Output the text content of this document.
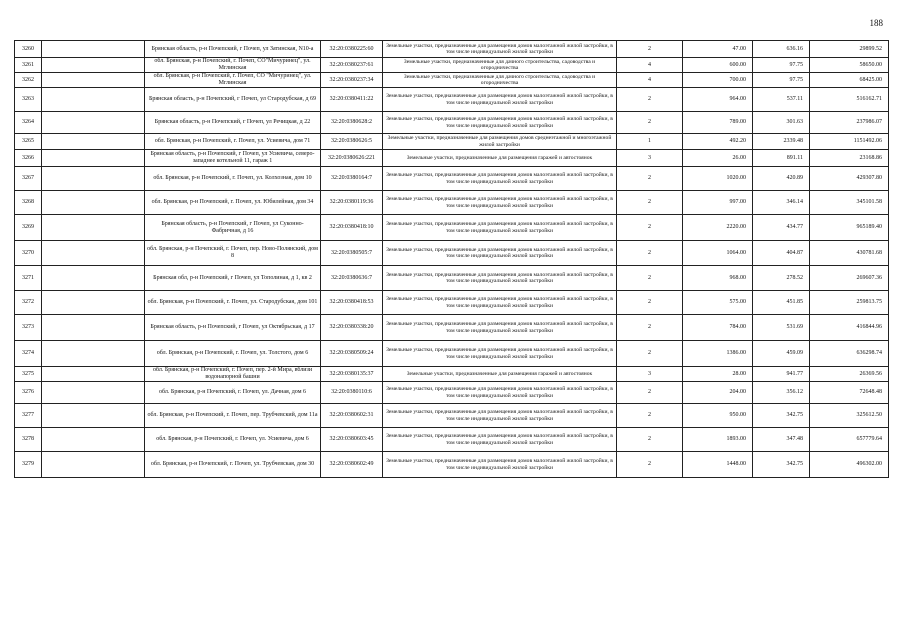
188
3260		Брянская область, р-н Почепский, г Почеп, ул Затинская, N10-а	32:20:0380225:60	Земельные участки, предназначенные для размещения домов малоэтажной жилой застройки, в том числе индивидуальной жилой застройки	2	47.00	636.16	29899.52
3261		обл. Брянская, р-н Почепский, г. Почеп, СО"Мичуринец", ул. Мглинская	32:20:0380237:61	Земельные участки, предназначенные для дачного строительства, садоводства и огородничества	4	600.00	97.75	58650.00
3262		обл. Брянская, р-н Почепский, г. Почеп, СО "Мичуринец", ул. Мглинская	32:20:0380237:34	Земельные участки, предназначенные для дачного строительства, садоводства и огородничества	4	700.00	97.75	68425.00
3263		Брянская область, р-н Почепский, г Почеп, ул Стародубская, д 69	32:20:0380411:22	Земельные участки, предназначенные для размещения домов малоэтажной жилой застройки, в том числе индивидуальной жилой застройки	2	964.00	537.11	516162.71
3264		Брянская область, р-н Почепский, г Почеп, ул Речицкая, д 22	32:20:0380628:2	Земельные участки, предназначенные для размещения домов малоэтажной жилой застройки, в том числе индивидуальной жилой застройки	2	789.00	301.63	237986.07
3265		обл. Брянская, р-н Почепский, г. Почеп, ул. Усиевича, дом 71	32:20:0380626:5	Земельные участки, предназначенные для размещения домов среднеэтажной и многоэтажной жилой застройки	1	492.20	2339.48	1151492.06
3266		Брянская область, р-н Почепский, г Почеп, ул Усиевича, северо-западнее котельной 11, гараж 1	32:20:0380626:221	Земельные участки, предназначенные для размещения гаражей и автостоянок	3	26.00	891.11	23168.86
3267		обл. Брянская, р-н Почепский, г. Почеп, ул. Колхозная, дом 10	32:20:0380164:7	Земельные участки, предназначенные для размещения домов малоэтажной жилой застройки, в том числе индивидуальной жилой застройки	2	1020.00	420.89	429307.80
3268		обл. Брянская, р-н Почепский, г. Почеп, ул. Юбилейная, дом 34	32:20:0380119:36	Земельные участки, предназначенные для размещения домов малоэтажной жилой застройки, в том числе индивидуальной жилой застройки	2	997.00	346.14	345101.58
3269		Брянская область, р-н Почепский, г Почеп, ул Суконно-Фабричная, д 16	32:20:0380418:10	Земельные участки, предназначенные для размещения домов малоэтажной жилой застройки, в том числе индивидуальной жилой застройки	2	2220.00	434.77	965189.40
3270		обл. Брянская, р-н Почепский, г. Почеп, пер. Ново-Полянский, дом 8	32:20:0380505:7	Земельные участки, предназначенные для размещения домов малоэтажной жилой застройки, в том числе индивидуальной жилой застройки	2	1064.00	404.87	430781.68
3271		Брянская обл, р-н Почепский, г Почеп, ул Тополиная, д 1, кв 2	32:20:0380636:7	Земельные участки, предназначенные для размещения домов малоэтажной жилой застройки, в том числе индивидуальной жилой застройки	2	968.00	278.52	269607.36
3272		обл. Брянская, р-н Почепский, г. Почеп, ул. Стародубская, дом 101	32:20:0380418:53	Земельные участки, предназначенные для размещения домов малоэтажной жилой застройки, в том числе индивидуальной жилой застройки	2	575.00	451.85	259813.75
3273		Брянская область, р-н Почепский, г Почеп, ул Октябрьская, д 17	32:20:0380338:20	Земельные участки, предназначенные для размещения домов малоэтажной жилой застройки, в том числе индивидуальной жилой застройки	2	784.00	531.69	416844.96
3274		обл. Брянская, р-н Почепский, г. Почеп, ул. Толстого, дом 6	32:20:0380509:24	Земельные участки, предназначенные для размещения домов малоэтажной жилой застройки, в том числе индивидуальной жилой застройки	2	1386.00	459.09	636298.74
3275		обл. Брянская, р-н Почепский, г. Почеп, пер. 2-й Мира, вблизи водонапорной башни	32:20:0380135:37	Земельные участки, предназначенные для размещения гаражей и автостоянок	3	28.00	941.77	26369.56
3276		обл. Брянская, р-н Почепский, г. Почеп, ул. Дачная, дом 6	32:20:0380110:6	Земельные участки, предназначенные для размещения домов малоэтажной жилой застройки, в том числе индивидуальной жилой застройки	2	204.00	356.12	72648.48
3277		обл. Брянская, р-н Почепский, г. Почеп, пер. Трубчевский, дом 11а	32:20:0380602:31	Земельные участки, предназначенные для размещения домов малоэтажной жилой застройки, в том числе индивидуальной жилой застройки	2	950.00	342.75	325612.50
3278		обл. Брянская, р-н Почепский, г. Почеп, ул. Усиевича, дом 6	32:20:0380603:45	Земельные участки, предназначенные для размещения домов малоэтажной жилой застройки, в том числе индивидуальной жилой застройки	2	1893.00	347.48	657779.64
3279		обл. Брянская, р-н Почепский, г. Почеп, ул. Трубчевская, дом 30	32:20:0380602:49	Земельные участки, предназначенные для размещения домов малоэтажной жилой застройки, в том числе индивидуальной жилой застройки	2	1448.00	342.75	496302.00
